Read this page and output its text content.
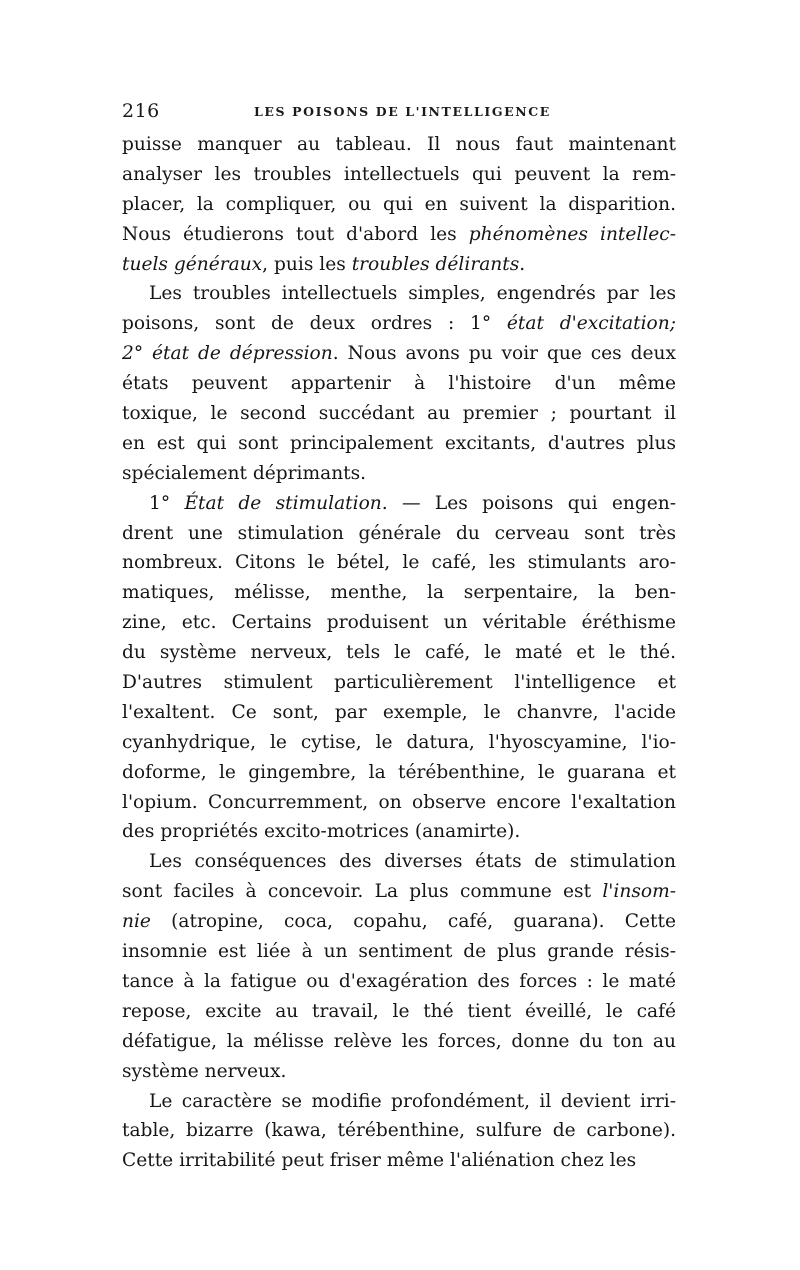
216	LES POISONS DE L'INTELLIGENCE
puisse manquer au tableau. Il nous faut maintenant
analyser les troubles intellectuels qui peuvent la rem-
placer, la compliquer, ou qui en suivent la disparition.
Nous étudierons tout d'abord les phénomènes intellec-
tuels généraux, puis les troubles délirants.
Les troubles intellectuels simples, engendrés par les
poisons, sont de deux ordres : 1° état d'excitation;
2° état de dépression. Nous avons pu voir que ces deux
états peuvent appartenir à l'histoire d'un même
toxique, le second succédant au premier ; pourtant il
en est qui sont principalement excitants, d'autres plus
spécialement déprimants.
1° État de stimulation. — Les poisons qui engen-
drent une stimulation générale du cerveau sont très
nombreux. Citons le bétel, le café, les stimulants aro-
matiques, mélisse, menthe, la serpentaire, la ben-
zine, etc. Certains produisent un véritable éréthisme
du système nerveux, tels le café, le maté et le thé.
D'autres stimulent particulièrement l'intelligence et
l'exaltent. Ce sont, par exemple, le chanvre, l'acide
cyanhydrique, le cytise, le datura, l'hyoscyamine, l'io-
doforme, le gingembre, la térébenthine, le guarana et
l'opium. Concurremment, on observe encore l'exaltation
des propriétés excito-motrices (anamirte).
Les conséquences des diverses états de stimulation
sont faciles à concevoir. La plus commune est l'insom-
nie (atropine, coca, copahu, café, guarana). Cette
insomnie est liée à un sentiment de plus grande résis-
tance à la fatigue ou d'exagération des forces : le maté
repose, excite au travail, le thé tient éveillé, le café
défatigue, la mélisse relève les forces, donne du ton au
système nerveux.
Le caractère se modifie profondément, il devient irri-
table, bizarre (kawa, térébenthine, sulfure de carbone).
Cette irritabilité peut friser même l'aliénation chez les
